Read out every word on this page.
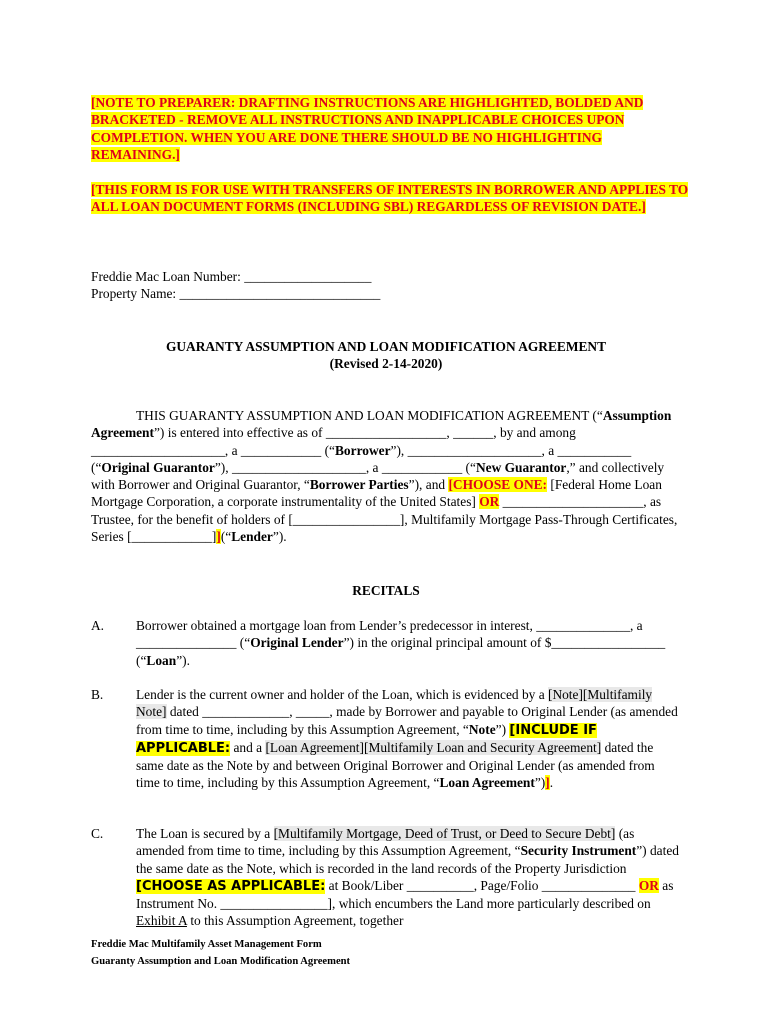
[NOTE TO PREPARER: DRAFTING INSTRUCTIONS ARE HIGHLIGHTED, BOLDED AND BRACKETED - REMOVE ALL INSTRUCTIONS AND INAPPLICABLE CHOICES UPON COMPLETION. WHEN YOU ARE DONE THERE SHOULD BE NO HIGHLIGHTING REMAINING.]
[THIS FORM IS FOR USE WITH TRANSFERS OF INTERESTS IN BORROWER AND APPLIES TO ALL LOAN DOCUMENT FORMS (INCLUDING SBL) REGARDLESS OF REVISION DATE.]
Freddie Mac Loan Number: ___________________
Property Name: ______________________________
GUARANTY ASSUMPTION AND LOAN MODIFICATION AGREEMENT
(Revised 2-14-2020)
THIS GUARANTY ASSUMPTION AND LOAN MODIFICATION AGREEMENT (“Assumption Agreement”) is entered into effective as of __________________, ______, by and among ____________________, a ____________ (“Borrower”), ____________________, a ___________ (“Original Guarantor”), ____________________, a ____________ (“New Guarantor,” and collectively with Borrower and Original Guarantor, “Borrower Parties”), and [CHOOSE ONE: [Federal Home Loan Mortgage Corporation, a corporate instrumentality of the United States] OR _____________________, as Trustee, for the benefit of holders of [________________], Multifamily Mortgage Pass-Through Certificates, Series [____________]](“Lender”).
RECITALS
A. Borrower obtained a mortgage loan from Lender’s predecessor in interest, ______________, a _______________ (“Original Lender”) in the original principal amount of $_________________ (“Loan”).
B. Lender is the current owner and holder of the Loan, which is evidenced by a [Note][Multifamily Note] dated _____________, _____, made by Borrower and payable to Original Lender (as amended from time to time, including by this Assumption Agreement, “Note”) [INCLUDE IF APPLICABLE: and a [Loan Agreement][Multifamily Loan and Security Agreement] dated the same date as the Note by and between Original Borrower and Original Lender (as amended from time to time, including by this Assumption Agreement, “Loan Agreement”)].
C. The Loan is secured by a [Multifamily Mortgage, Deed of Trust, or Deed to Secure Debt] (as amended from time to time, including by this Assumption Agreement, “Security Instrument”) dated the same date as the Note, which is recorded in the land records of the Property Jurisdiction [CHOOSE AS APPLICABLE: at Book/Liber __________, Page/Folio ______________ OR as Instrument No. ________________], which encumbers the Land more particularly described on Exhibit A to this Assumption Agreement, together
Freddie Mac Multifamily Asset Management Form
Guaranty Assumption and Loan Modification Agreement
